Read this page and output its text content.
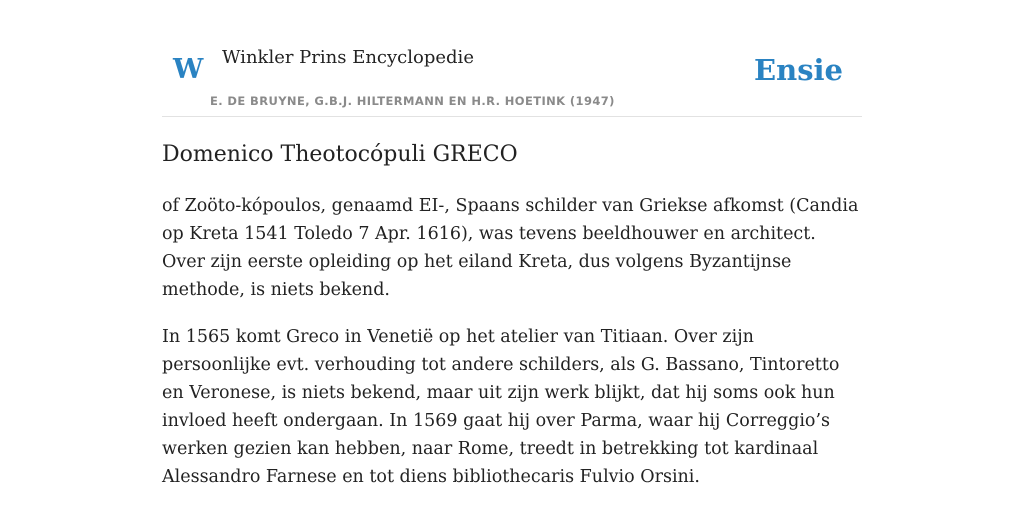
W Winkler Prins Encyclopedie
E. DE BRUYNE, G.B.J. HILTERMANN EN H.R. HOETINK (1947)
Ensie
Domenico Theotocópuli GRECO

of Zoöto-kópoulos, genaamd EI-, Spaans schilder van Griekse afkomst (Candia op Kreta 1541 Toledo 7 Apr. 1616), was tevens beeldhouwer en architect. Over zijn eerste opleiding op het eiland Kreta, dus volgens Byzantijnse methode, is niets bekend.

In 1565 komt Greco in Venetië op het atelier van Titiaan. Over zijn persoonlijke evt. verhouding tot andere schilders, als G. Bassano, Tintoretto en Veronese, is niets bekend, maar uit zijn werk blijkt, dat hij soms ook hun invloed heeft ondergaan. In 1569 gaat hij over Parma, waar hij Correggio’s werken gezien kan hebben, naar Rome, treedt in betrekking tot kardinaal Alessandro Farnese en tot diens bibliothecaris Fulvio Orsini.
